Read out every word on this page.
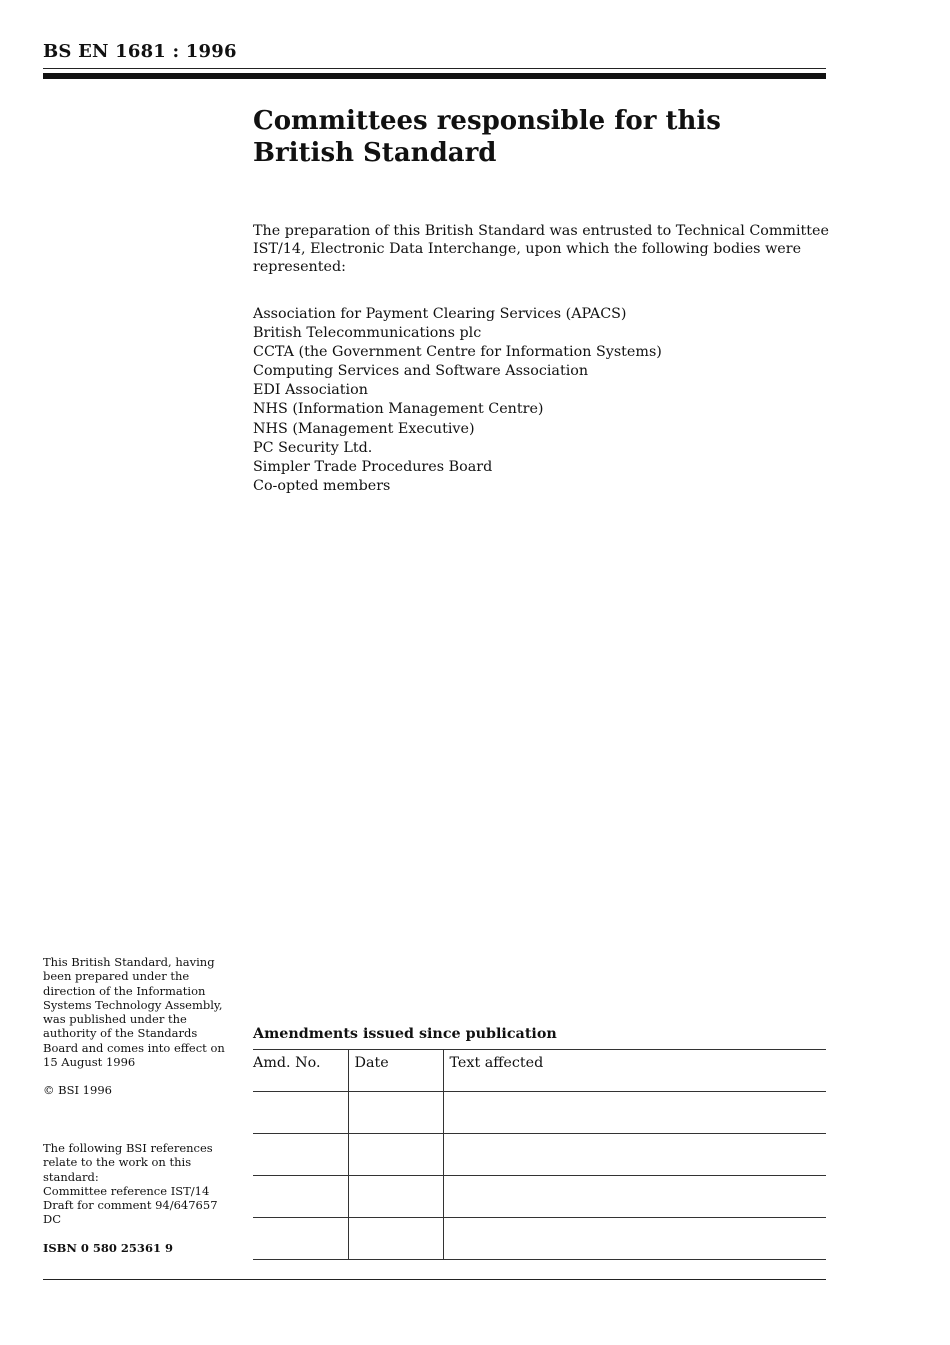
BS EN 1681 : 1996
Committees responsible for this
British Standard

The preparation of this British Standard was entrusted to Technical Committee IST/14, Electronic Data Interchange, upon which the following bodies were represented:

Association for Payment Clearing Services (APACS)
British Telecommunications plc
CCTA (the Government Centre for Information Systems)
Computing Services and Software Association
EDI Association
NHS (Information Management Centre)
NHS (Management Executive)
PC Security Ltd.
Simpler Trade Procedures Board
Co-opted members

This British Standard, having been prepared under the direction of the Information Systems Technology Assembly, was published under the authority of the Standards Board and comes into effect on 15 August 1996

© BSI 1996

The following BSI references relate to the work on this standard:
Committee reference IST/14
Draft for comment 94/647657 DC

ISBN 0 580 25361 9

Amendments issued since publication
Amd. No.	Date	Text affected
